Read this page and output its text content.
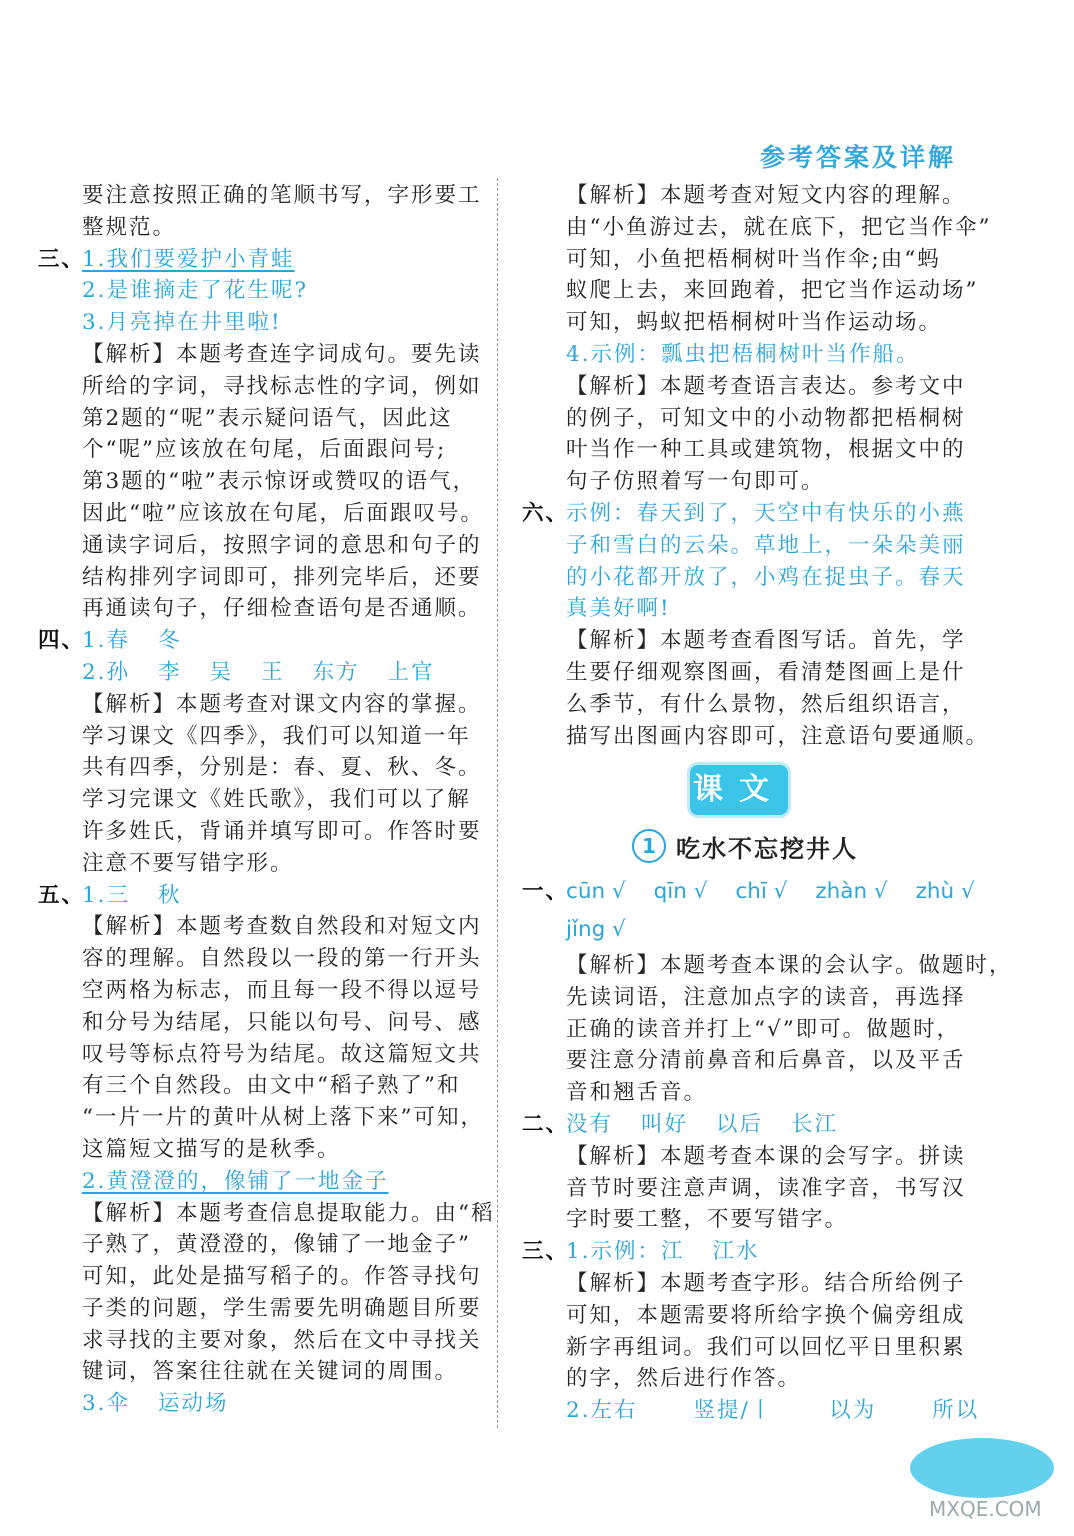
参考答案及详解
要注意按照正确的笔顺书写，字形要工
整规范。
三、1.我们要爱护小青蛙
2.是谁摘走了花生呢?
3.月亮掉在井里啦!
【解析】本题考查连字词成句。要先读
所给的字词，寻找标志性的字词，例如
第2题的“呢”表示疑问语气，因此这
个“呢”应该放在句尾，后面跟问号;
第3题的“啦”表示惊讶或赞叹的语气，
因此“啦”应该放在句尾，后面跟叹号。
通读字词后，按照字词的意思和句子的
结构排列字词即可，排列完毕后，还要
再通读句子，仔细检查语句是否通顺。
四、1.春 冬
2.孙 李 吴 王 东方 上官
【解析】本题考查对课文内容的掌握。
学习课文《四季》，我们可以知道一年
共有四季，分别是：春、夏、秋、冬。
学习完课文《姓氏歌》，我们可以了解
许多姓氏，背诵并填写即可。作答时要
注意不要写错字形。
五、1.三 秋
【解析】本题考查数自然段和对短文内
容的理解。自然段以一段的第一行开头
空两格为标志，而且每一段不得以逗号
和分号为结尾，只能以句号、问号、感
叹号等标点符号为结尾。故这篇短文共
有三个自然段。由文中“稻子熟了”和
“一片一片的黄叶从树上落下来”可知，
这篇短文描写的是秋季。
2.黄澄澄的，像铺了一地金子
【解析】本题考查信息提取能力。由“稻
子熟了，黄澄澄的，像铺了一地金子”
可知，此处是描写稻子的。作答寻找句
子类的问题，学生需要先明确题目所要
求寻找的主要对象，然后在文中寻找关
键词，答案往往就在关键词的周围。
3.伞 运动场
【解析】本题考查对短文内容的理解。
由“小鱼游过去，就在底下，把它当作伞”
可知，小鱼把梧桐树叶当作伞;由“蚂
蚁爬上去，来回跑着，把它当作运动场”
可知，蚂蚁把梧桐树叶当作运动场。
4.示例：瓢虫把梧桐树叶当作船。
【解析】本题考查语言表达。参考文中
的例子，可知文中的小动物都把梧桐树
叶当作一种工具或建筑物，根据文中的
句子仿照着写一句即可。
六、示例：春天到了，天空中有快乐的小燕
子和雪白的云朵。草地上，一朵朵美丽
的小花都开放了，小鸡在捉虫子。春天
真美好啊!
【解析】本题考查看图写话。首先，学
生要仔细观察图画，看清楚图画上是什
么季节，有什么景物，然后组织语言，
描写出图画内容即可，注意语句要通顺。
课文
1 吃水不忘挖井人
一、cūn √ qīn √ chī √ zhàn √ zhù √
jǐng √
【解析】本题考查本课的会认字。做题时，
先读词语，注意加点字的读音，再选择
正确的读音并打上“√”即可。做题时，
要注意分清前鼻音和后鼻音，以及平舌
音和翘舌音。
二、没有 叫好 以后 长江
【解析】本题考查本课的会写字。拼读
音节时要注意声调，读准字音，书写汉
字时要工整，不要写错字。
三、1.示例：江 江水
【解析】本题考查字形。结合所给例子
可知，本题需要将所给字换个偏旁组成
新字再组词。我们可以回忆平日里积累
的字，然后进行作答。
2.左右	竖提/丨	以为	所以
MXQE.COM
